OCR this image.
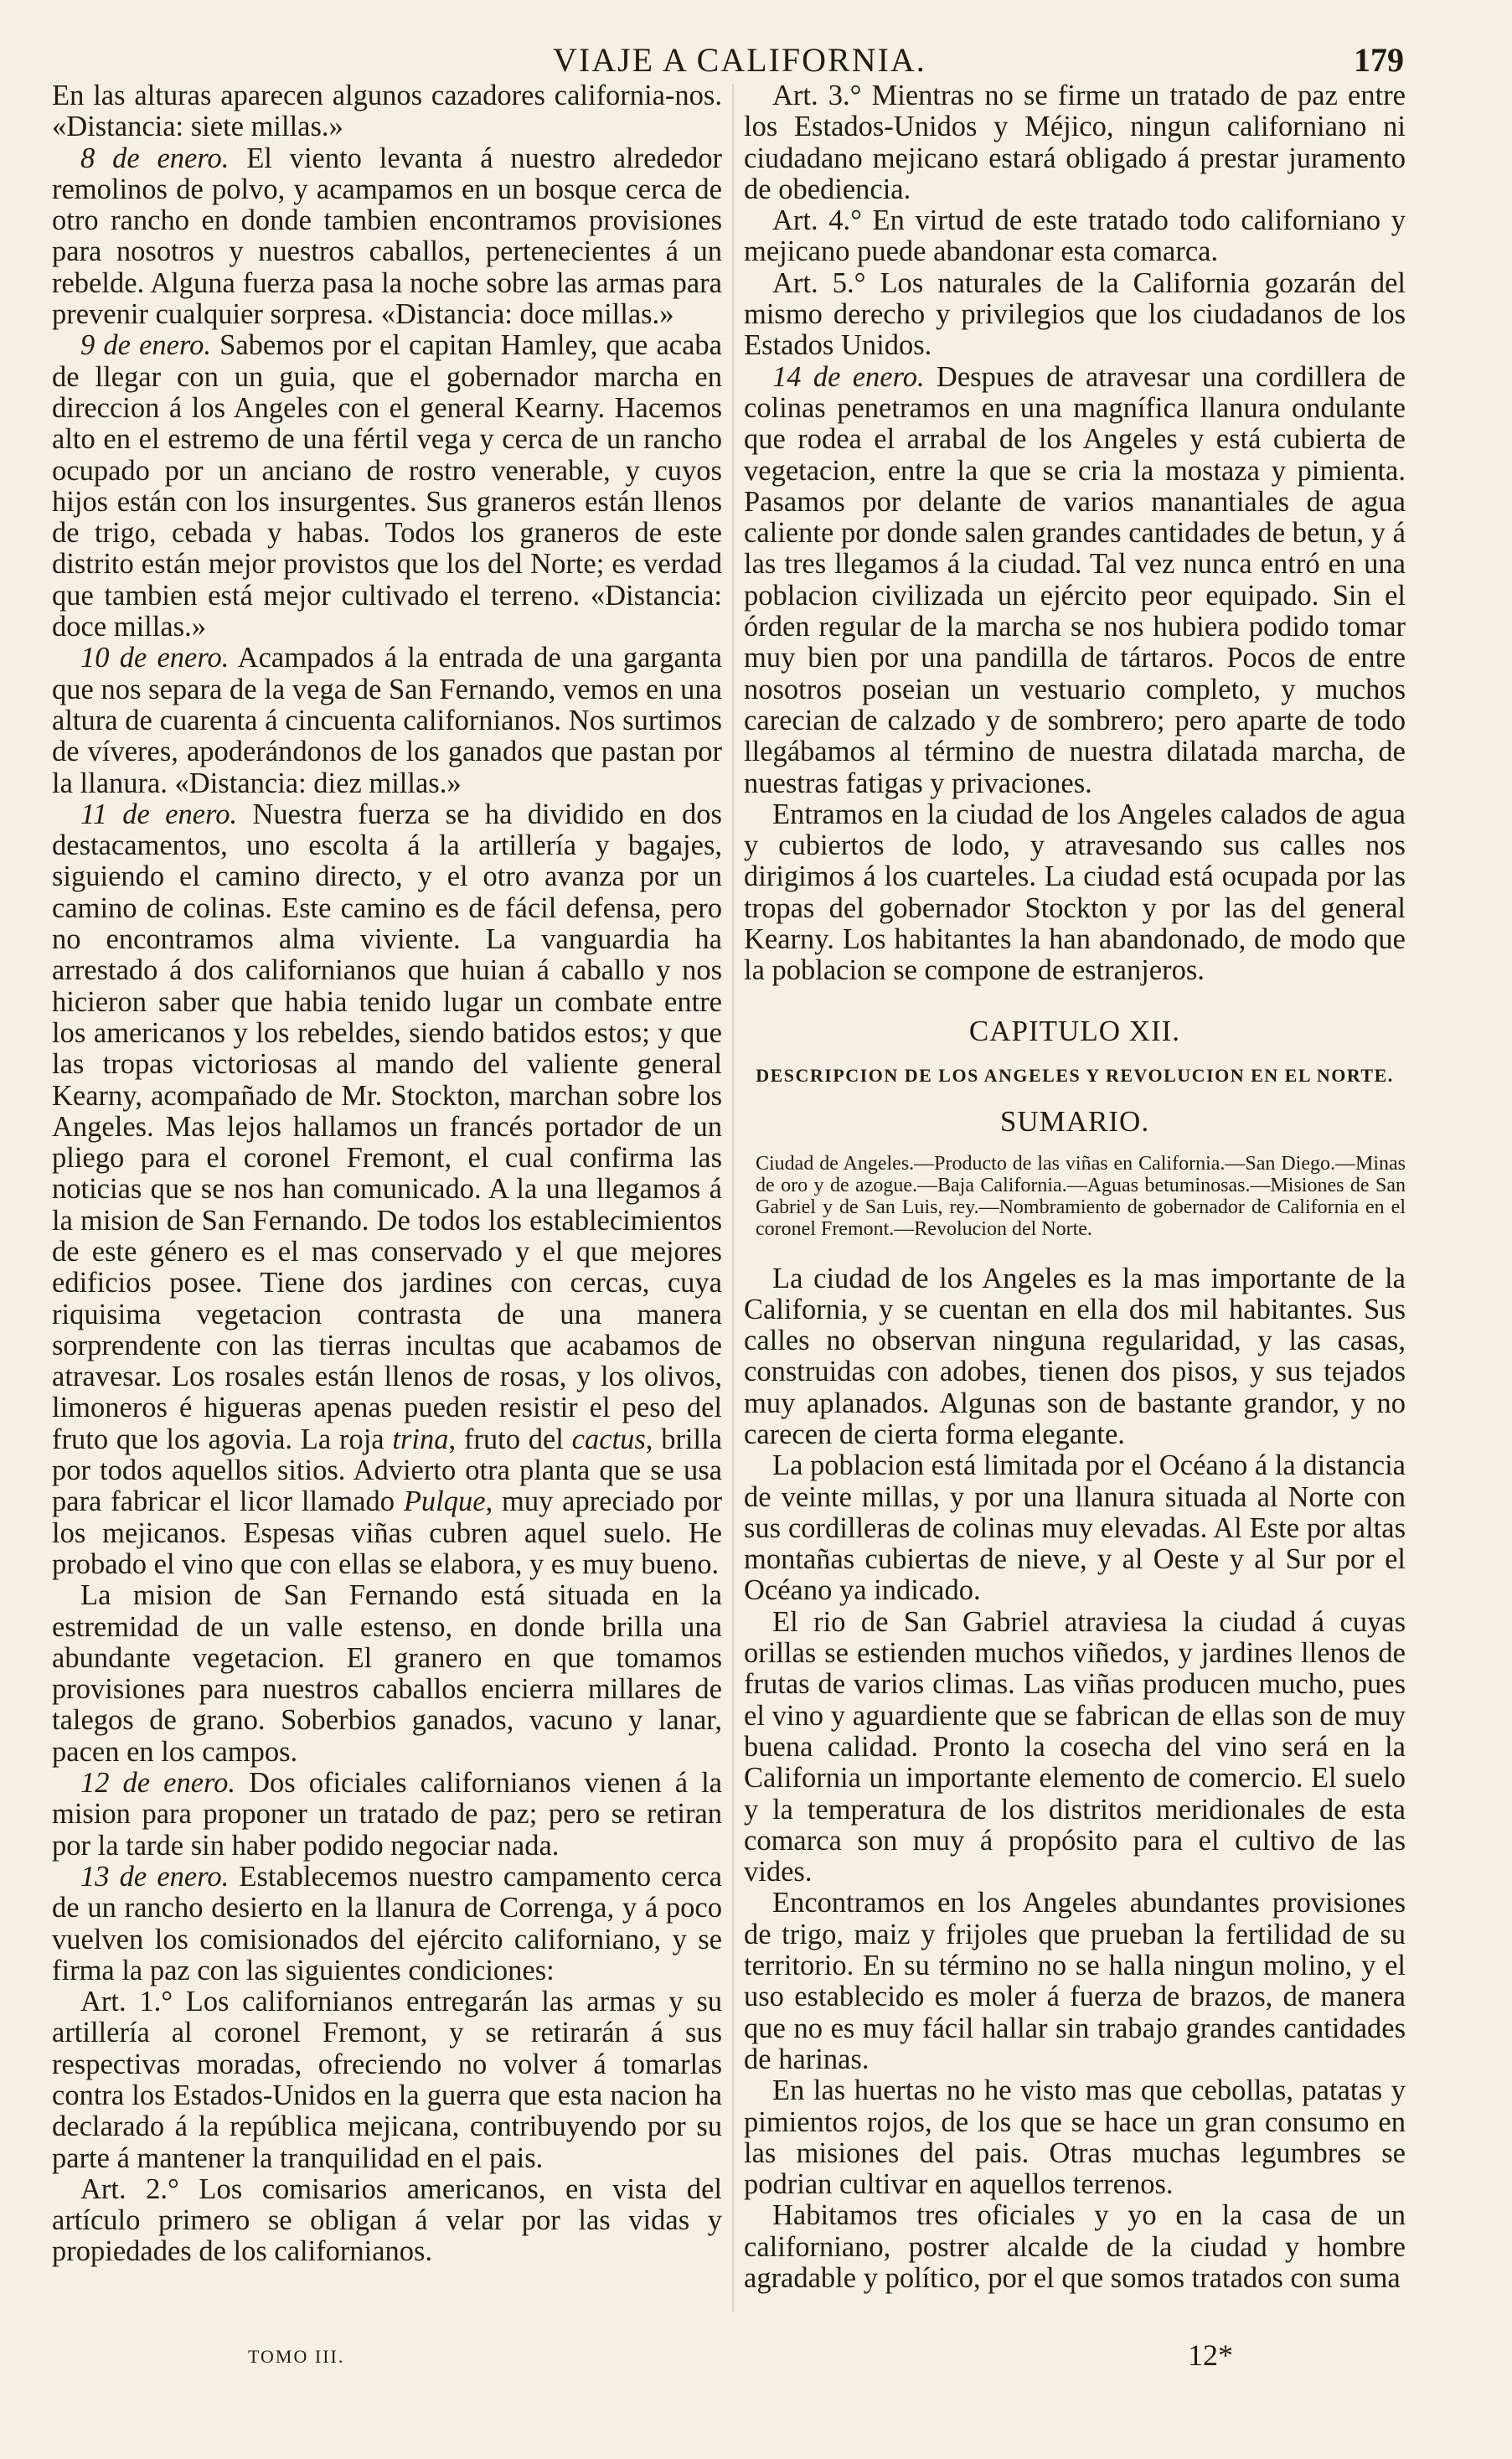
VIAJE A CALIFORNIA.	179

En las alturas aparecen algunos cazadores california-nos. «Distancia: siete millas.»

8 de enero. El viento levanta á nuestro alrededor remolinos de polvo, y acampamos en un bosque cerca de otro rancho en donde tambien encontramos provisiones para nosotros y nuestros caballos, pertenecientes á un rebelde. Alguna fuerza pasa la noche sobre las armas para prevenir cualquier sorpresa. «Distancia: doce millas.»

9 de enero. Sabemos por el capitan Hamley, que acaba de llegar con un guia, que el gobernador marcha en direccion á los Angeles con el general Kearny. Hacemos alto en el estremo de una fértil vega y cerca de un rancho ocupado por un anciano de rostro venerable, y cuyos hijos están con los insurgentes. Sus graneros están llenos de trigo, cebada y habas. Todos los graneros de este distrito están mejor provistos que los del Norte; es verdad que tambien está mejor cultivado el terreno. «Distancia: doce millas.»

10 de enero. Acampados á la entrada de una garganta que nos separa de la vega de San Fernando, vemos en una altura de cuarenta á cincuenta californianos. Nos surtimos de víveres, apoderándonos de los ganados que pastan por la llanura. «Distancia: diez millas.»

11 de enero. Nuestra fuerza se ha dividido en dos destacamentos, uno escolta á la artillería y bagajes, siguiendo el camino directo, y el otro avanza por un camino de colinas. Este camino es de fácil defensa, pero no encontramos alma viviente. La vanguardia ha arrestado á dos californianos que huian á caballo y nos hicieron saber que habia tenido lugar un combate entre los americanos y los rebeldes, siendo batidos estos; y que las tropas victoriosas al mando del valiente general Kearny, acompañado de Mr. Stockton, marchan sobre los Angeles. Mas lejos hallamos un francés portador de un pliego para el coronel Fremont, el cual confirma las noticias que se nos han comunicado. A la una llegamos á la mision de San Fernando. De todos los establecimientos de este género es el mas conservado y el que mejores edificios posee. Tiene dos jardines con cercas, cuya riquisima vegetacion contrasta de una manera sorprendente con las tierras incultas que acabamos de atravesar. Los rosales están llenos de rosas, y los olivos, limoneros é higueras apenas pueden resistir el peso del fruto que los agovia. La roja trina, fruto del cactus, brilla por todos aquellos sitios. Advierto otra planta que se usa para fabricar el licor llamado Pulque, muy apreciado por los mejicanos. Espesas viñas cubren aquel suelo. He probado el vino que con ellas se elabora, y es muy bueno.

La mision de San Fernando está situada en la estremidad de un valle estenso, en donde brilla una abundante vegetacion. El granero en que tomamos provisiones para nuestros caballos encierra millares de talegos de grano. Soberbios ganados, vacuno y lanar, pacen en los campos.

12 de enero. Dos oficiales californianos vienen á la mision para proponer un tratado de paz; pero se retiran por la tarde sin haber podido negociar nada.

13 de enero. Establecemos nuestro campamento cerca de un rancho desierto en la llanura de Correnga, y á poco vuelven los comisionados del ejército californiano, y se firma la paz con las siguientes condiciones:

Art. 1.° Los californianos entregarán las armas y su artillería al coronel Fremont, y se retirarán á sus respectivas moradas, ofreciendo no volver á tomarlas contra los Estados-Unidos en la guerra que esta nacion ha declarado á la república mejicana, contribuyendo por su parte á mantener la tranquilidad en el pais.

Art. 2.° Los comisarios americanos, en vista del artículo primero se obligan á velar por las vidas y propiedades de los californianos.

Art. 3.° Mientras no se firme un tratado de paz entre los Estados-Unidos y Méjico, ningun californiano ni ciudadano mejicano estará obligado á prestar juramento de obediencia.

Art. 4.° En virtud de este tratado todo californiano y mejicano puede abandonar esta comarca.

Art. 5.° Los naturales de la California gozarán del mismo derecho y privilegios que los ciudadanos de los Estados Unidos.

14 de enero. Despues de atravesar una cordillera de colinas penetramos en una magnífica llanura ondulante que rodea el arrabal de los Angeles y está cubierta de vegetacion, entre la que se cria la mostaza y pimienta. Pasamos por delante de varios manantiales de agua caliente por donde salen grandes cantidades de betun, y á las tres llegamos á la ciudad. Tal vez nunca entró en una poblacion civilizada un ejército peor equipado. Sin el órden regular de la marcha se nos hubiera podido tomar muy bien por una pandilla de tártaros. Pocos de entre nosotros poseian un vestuario completo, y muchos carecian de calzado y de sombrero; pero aparte de todo llegábamos al término de nuestra dilatada marcha, de nuestras fatigas y privaciones.

Entramos en la ciudad de los Angeles calados de agua y cubiertos de lodo, y atravesando sus calles nos dirigimos á los cuarteles. La ciudad está ocupada por las tropas del gobernador Stockton y por las del general Kearny. Los habitantes la han abandonado, de modo que la poblacion se compone de estranjeros.

CAPITULO XII.
DESCRIPCION DE LOS ANGELES Y REVOLUCION EN EL NORTE.
SUMARIO.

Ciudad de Angeles.—Producto de las viñas en California.—San Diego.—Minas de oro y de azogue.—Baja California.—Aguas betuminosas.—Misiones de San Gabriel y de San Luis, rey.—Nombramiento de gobernador de California en el coronel Fremont.—Revolucion del Norte.

La ciudad de los Angeles es la mas importante de la California, y se cuentan en ella dos mil habitantes. Sus calles no observan ninguna regularidad, y las casas, construidas con adobes, tienen dos pisos, y sus tejados muy aplanados. Algunas son de bastante grandor, y no carecen de cierta forma elegante.

La poblacion está limitada por el Océano á la distancia de veinte millas, y por una llanura situada al Norte con sus cordilleras de colinas muy elevadas. Al Este por altas montañas cubiertas de nieve, y al Oeste y al Sur por el Océano ya indicado.

El rio de San Gabriel atraviesa la ciudad á cuyas orillas se estienden muchos viñedos, y jardines llenos de frutas de varios climas. Las viñas producen mucho, pues el vino y aguardiente que se fabrican de ellas son de muy buena calidad. Pronto la cosecha del vino será en la California un importante elemento de comercio. El suelo y la temperatura de los distritos meridionales de esta comarca son muy á propósito para el cultivo de las vides.

Encontramos en los Angeles abundantes provisiones de trigo, maiz y frijoles que prueban la fertilidad de su territorio. En su término no se halla ningun molino, y el uso establecido es moler á fuerza de brazos, de manera que no es muy fácil hallar sin trabajo grandes cantidades de harinas.

En las huertas no he visto mas que cebollas, patatas y pimientos rojos, de los que se hace un gran consumo en las misiones del pais. Otras muchas legumbres se podrian cultivar en aquellos terrenos.

Habitamos tres oficiales y yo en la casa de un californiano, postrer alcalde de la ciudad y hombre agradable y político, por el que somos tratados con suma

TOMO III.	12*
